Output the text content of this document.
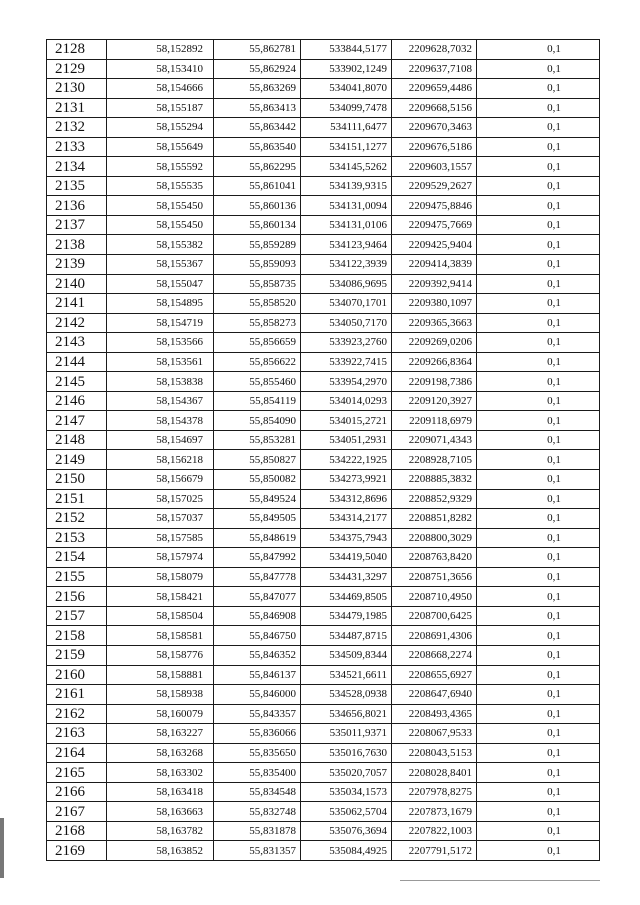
2128	58,152892	55,862781	533844,5177	2209628,7032	0,1
2129	58,153410	55,862924	533902,1249	2209637,7108	0,1
2130	58,154666	55,863269	534041,8070	2209659,4486	0,1
2131	58,155187	55,863413	534099,7478	2209668,5156	0,1
2132	58,155294	55,863442	534111,6477	2209670,3463	0,1
2133	58,155649	55,863540	534151,1277	2209676,5186	0,1
2134	58,155592	55,862295	534145,5262	2209603,1557	0,1
2135	58,155535	55,861041	534139,9315	2209529,2627	0,1
2136	58,155450	55,860136	534131,0094	2209475,8846	0,1
2137	58,155450	55,860134	534131,0106	2209475,7669	0,1
2138	58,155382	55,859289	534123,9464	2209425,9404	0,1
2139	58,155367	55,859093	534122,3939	2209414,3839	0,1
2140	58,155047	55,858735	534086,9695	2209392,9414	0,1
2141	58,154895	55,858520	534070,1701	2209380,1097	0,1
2142	58,154719	55,858273	534050,7170	2209365,3663	0,1
2143	58,153566	55,856659	533923,2760	2209269,0206	0,1
2144	58,153561	55,856622	533922,7415	2209266,8364	0,1
2145	58,153838	55,855460	533954,2970	2209198,7386	0,1
2146	58,154367	55,854119	534014,0293	2209120,3927	0,1
2147	58,154378	55,854090	534015,2721	2209118,6979	0,1
2148	58,154697	55,853281	534051,2931	2209071,4343	0,1
2149	58,156218	55,850827	534222,1925	2208928,7105	0,1
2150	58,156679	55,850082	534273,9921	2208885,3832	0,1
2151	58,157025	55,849524	534312,8696	2208852,9329	0,1
2152	58,157037	55,849505	534314,2177	2208851,8282	0,1
2153	58,157585	55,848619	534375,7943	2208800,3029	0,1
2154	58,157974	55,847992	534419,5040	2208763,8420	0,1
2155	58,158079	55,847778	534431,3297	2208751,3656	0,1
2156	58,158421	55,847077	534469,8505	2208710,4950	0,1
2157	58,158504	55,846908	534479,1985	2208700,6425	0,1
2158	58,158581	55,846750	534487,8715	2208691,4306	0,1
2159	58,158776	55,846352	534509,8344	2208668,2274	0,1
2160	58,158881	55,846137	534521,6611	2208655,6927	0,1
2161	58,158938	55,846000	534528,0938	2208647,6940	0,1
2162	58,160079	55,843357	534656,8021	2208493,4365	0,1
2163	58,163227	55,836066	535011,9371	2208067,9533	0,1
2164	58,163268	55,835650	535016,7630	2208043,5153	0,1
2165	58,163302	55,835400	535020,7057	2208028,8401	0,1
2166	58,163418	55,834548	535034,1573	2207978,8275	0,1
2167	58,163663	55,832748	535062,5704	2207873,1679	0,1
2168	58,163782	55,831878	535076,3694	2207822,1003	0,1
2169	58,163852	55,831357	535084,4925	2207791,5172	0,1
